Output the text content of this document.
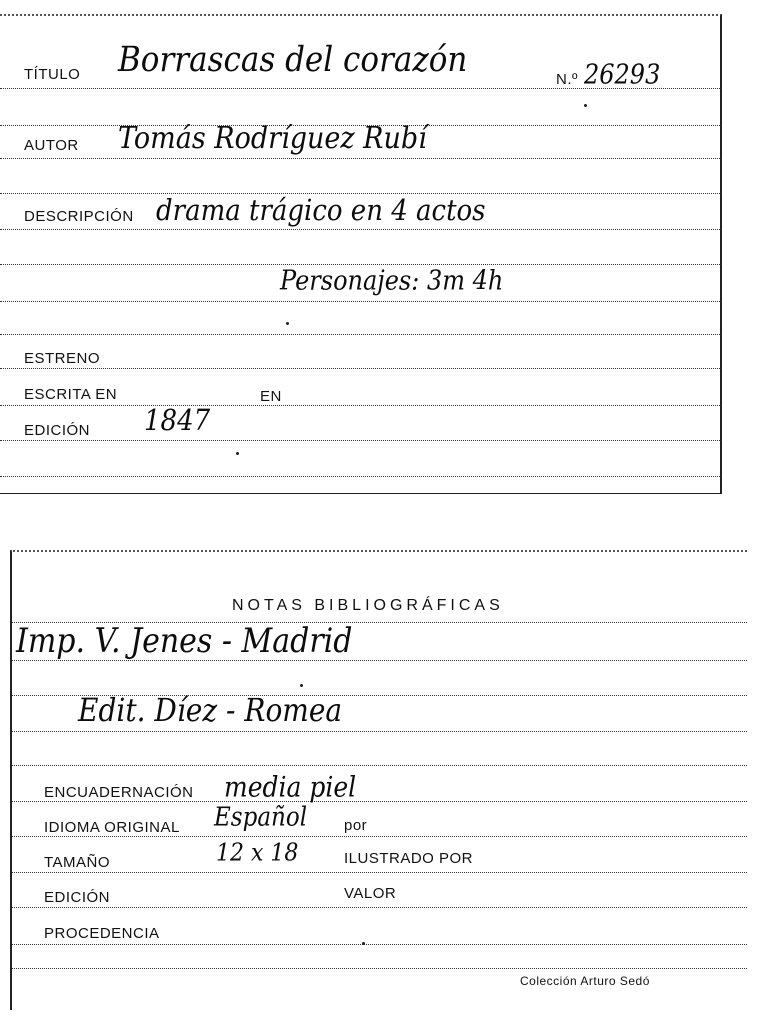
TÍTULO Borrascas del corazón	N.º 26293
AUTOR Tomás Rodríguez Rubí
DESCRIPCIÓN drama trágico en 4 actos
Personajes: 3m 4h
ESTRENO
ESCRITA EN	EN
EDICIÓN 1847
NOTAS BIBLIOGRÁFICAS
Imp. V. Jenes - Madrid
Edit. Díez - Romea
ENCUADERNACIÓN media piel
IDIOMA ORIGINAL Español por
TAMAÑO	12 x 18	ILUSTRADO POR
EDICIÓN	VALOR
PROCEDENCIA
Colección Arturo Sedó
